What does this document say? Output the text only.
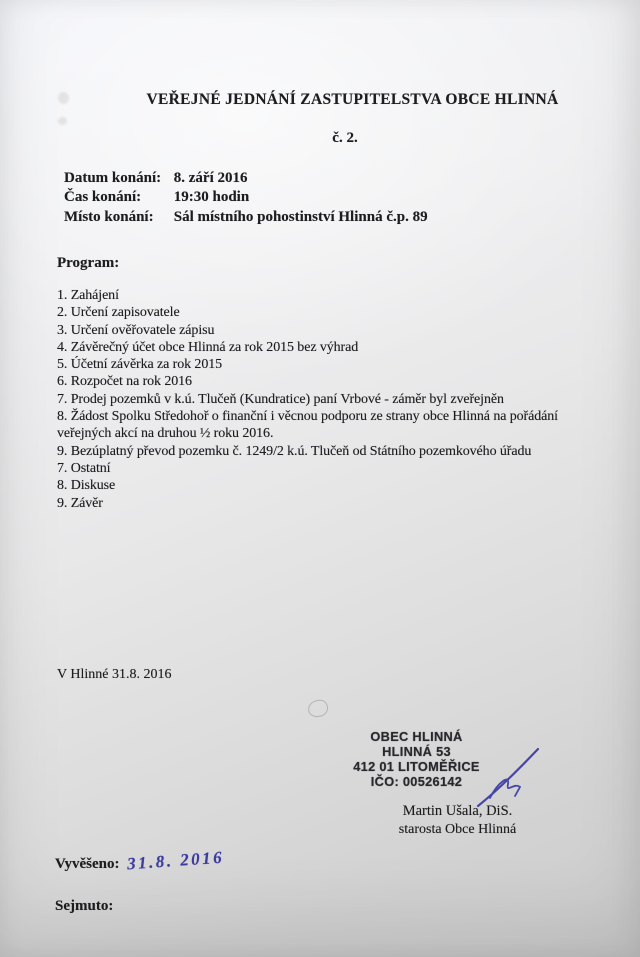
VEŘEJNÉ JEDNÁNÍ ZASTUPITELSTVA OBCE HLINNÁ
č. 2.
Datum konání: 8. září 2016
Čas konání: 19:30 hodin
Místo konání: Sál místního pohostinství Hlinná č.p. 89
Program:
1. Zahájení
2. Určení zapisovatele
3. Určení ověřovatele zápisu
4. Závěrečný účet obce Hlinná za rok 2015 bez výhrad
5. Účetní závěrka za rok 2015
6. Rozpočet na rok 2016
7. Prodej pozemků v k.ú. Tlučeň (Kundratice) paní Vrbové - záměr byl zveřejněn
8. Žádost Spolku Středohoř o finanční i věcnou podporu ze strany obce Hlinná na pořádání
veřejných akcí na druhou ½ roku 2016.
9. Bezúplatný převod pozemku č. 1249/2 k.ú. Tlučeň od Státního pozemkového úřadu
7. Ostatní
8. Diskuse
9. Závěr
V Hlinné 31.8. 2016
OBEC HLINNÁ
HLINNÁ 53
412 01 LITOMĚŘICE
IČO: 00526142
Martin Ušala, DiS.
starosta Obce Hlinná
Vyvěšeno: 31.8. 2016
Sejmuto:
